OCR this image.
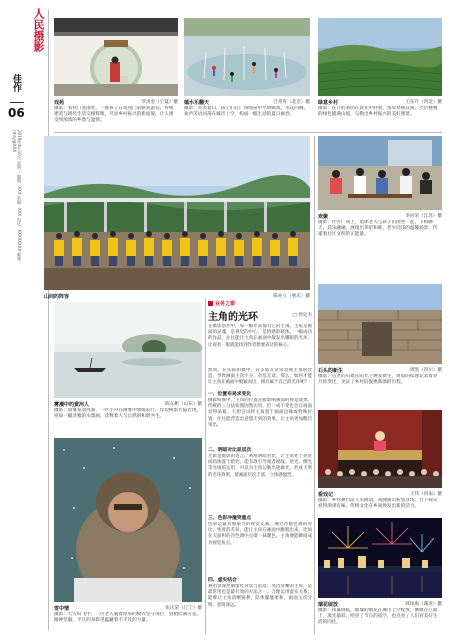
人民摄影
佳作
06
2019年4月10日 星期三 编辑：XXX 美编：XXX 电话：XXXXXXXX 邮箱：rmsy@XXX
戏苑	罗再金（宁夏）摄
摄影：农村门巷深处，一群孩子在戏苑门前嬉戏游玩，传统建筑与现代生活交相辉映，尽显乡村振兴的新面貌，让人感受到浓浓的乡愁与温情。
嬉水乐翻天	吕常青（北京）摄
摄影：炎炎夏日，孩子们在广场喷泉中尽情嬉戏，水花四溅，欢声笑语回荡在城市上空，构成一幅生动的夏日画卷。
绿意乡村	王东升（河北）摄
摄影：连片的茶园在晨光中舒展，茶农穿梭其间，层层叠叠的绿色铺满山坡，勾勒出乡村振兴的美好图景。
山间的阵容	陈亦立（重庆）摄
欢聚	李向荣（江苏）摄
摄影：社区广场上，退休老人与孩子们围坐一起，下棋聊天，其乐融融，展现出邻里和睦、老少同乐的温馨场景，传递着社区文明的正能量。
石头的新生	周凯（四川）摄
摄影：古老的石墙在阳光下焕发新生，斑驳的纹理记录着岁月的变迁，见证了乡村旧貌换新颜的历程。
看戏记	王伟（河南）摄
摄影：乡村舞台前人头攒动，戏曲演员粉墨登场，台下观众看得津津有味，传统文化在乡间焕发出新的活力。
烟花绽放	韩凤海（湖北）摄
摄影：夜幕降临，璀璨的烟花在城市上空绽放，倒映在江面上，流光溢彩，照亮了节日的夜空，也点亮了人们对美好生活的向往。
雾漫中的黄河人	陈东彬（山东）摄
摄影：晨雾笼罩河面，一叶小舟在薄雾中缓缓前行，岸边树影若隐若现，宛如一幅淡雅的水墨画，诠释着人与自然的和谐共生。
雪中情	张庆荣（辽宁）摄
摄影：大雪纷飞中，一位老人裹着厚厚的棉衣坚守岗位，眉梢挂满雪花，眼神坚毅，平凡的身影里蕴藏着不平凡的力量。
业务之窗
主角的光环	□ 周克杰
在摄影创作中，每一幅作品都有它的主角。主角是画面的灵魂，是视觉的中心，是情感的载体。一幅成功的作品，往往能让主角在画面中散发出耀眼的光环，让观者一眼就能找到作者想要表达的核心。
然而，在实际拍摄中，许多影友常常忽视主角的营造，导致画面主次不分、杂乱无章。那么，如何才能让主角在画面中脱颖而出，拥有属于自己的光环呢？
一、位置布局求变化
摄影构图中，主角的位置直接影响画面的视觉效果。传统的三分法构图固然实用，但一成不变也会让画面显得呆板。大胆尝试将主角置于画面边缘或特殊位置，往往能营造出意想不到的效果，让主角更加醒目突出。
二、明暗对比显层次
光影是摄影的语言。利用明暗对比，让主角处于亮处而陪体置于暗处，能有效引导观者视线。逆光、侧光等光线的运用，可以为主角勾勒出轮廓光，形成天然的光环效果，使画面层次丰富、立体感强烈。
三、色彩冲撞突重点
色彩是最具感染力的视觉元素。通过冷暖色调的对比、纯度的差异，能让主角在画面中跳脱出来。比如在大面积的冷色调中点缀一抹暖色，主角便能瞬间成为视觉焦点。
四、虚实结合
利用景深控制虚化背景与前景，突出清晰的主角，是最常用也是最有效的方法之一。合理运用虚实关系，能够让主角清晰锐利，陪体朦胧柔和，画面主次分明、意境深远。
